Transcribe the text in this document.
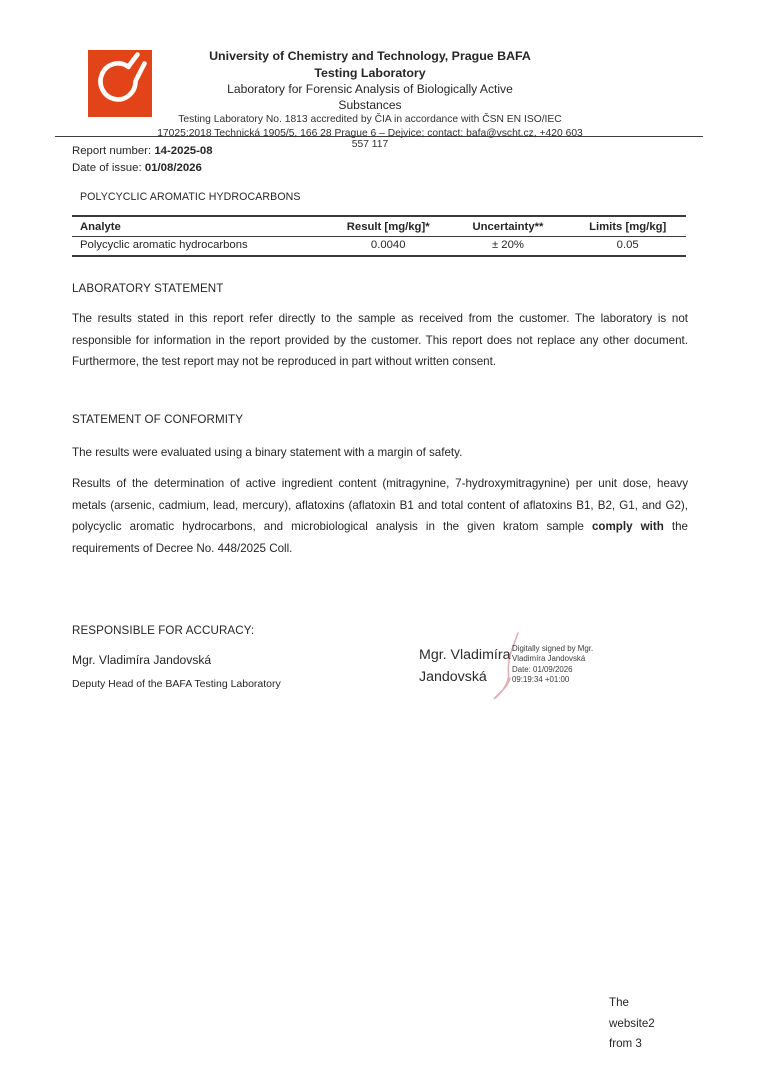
University of Chemistry and Technology, Prague BAFA
Testing Laboratory
Laboratory for Forensic Analysis of Biologically Active
Substances
Testing Laboratory No. 1813 accredited by ČIA in accordance with ČSN EN ISO/IEC
17025:2018 Technická 1905/5, 166 28 Prague 6 – Dejvice; contact: bafa@vscht.cz, +420 603
557 117
Report number: 14-2025-08
Date of issue: 01/08/2026
POLYCYCLIC AROMATIC HYDROCARBONS
Analyte	Result [mg/kg]*	Uncertainty**	Limits [mg/kg]
Polycyclic aromatic hydrocarbons	0.0040	± 20%	0.05
LABORATORY STATEMENT
The results stated in this report refer directly to the sample as received from the customer. The laboratory is not responsible for information in the report provided by the customer. This report does not replace any other document. Furthermore, the test report may not be reproduced in part without written consent.
STATEMENT OF CONFORMITY
The results were evaluated using a binary statement with a margin of safety.
Results of the determination of active ingredient content (mitragynine, 7-hydroxymitragynine) per unit dose, heavy metals (arsenic, cadmium, lead, mercury), aflatoxins (aflatoxin B1 and total content of aflatoxins B1, B2, G1, and G2), polycyclic aromatic hydrocarbons, and microbiological analysis in the given kratom sample comply with the requirements of Decree No. 448/2025 Coll.
RESPONSIBLE FOR ACCURACY:
Mgr. Vladimíra Jandovská
Deputy Head of the BAFA Testing Laboratory
Mgr. Vladimíra
Jandovská
Digitally signed by Mgr.
Vladimíra Jandovská
Date: 01/09/2026
09:19:34 +01:00
The
website2
from 3
